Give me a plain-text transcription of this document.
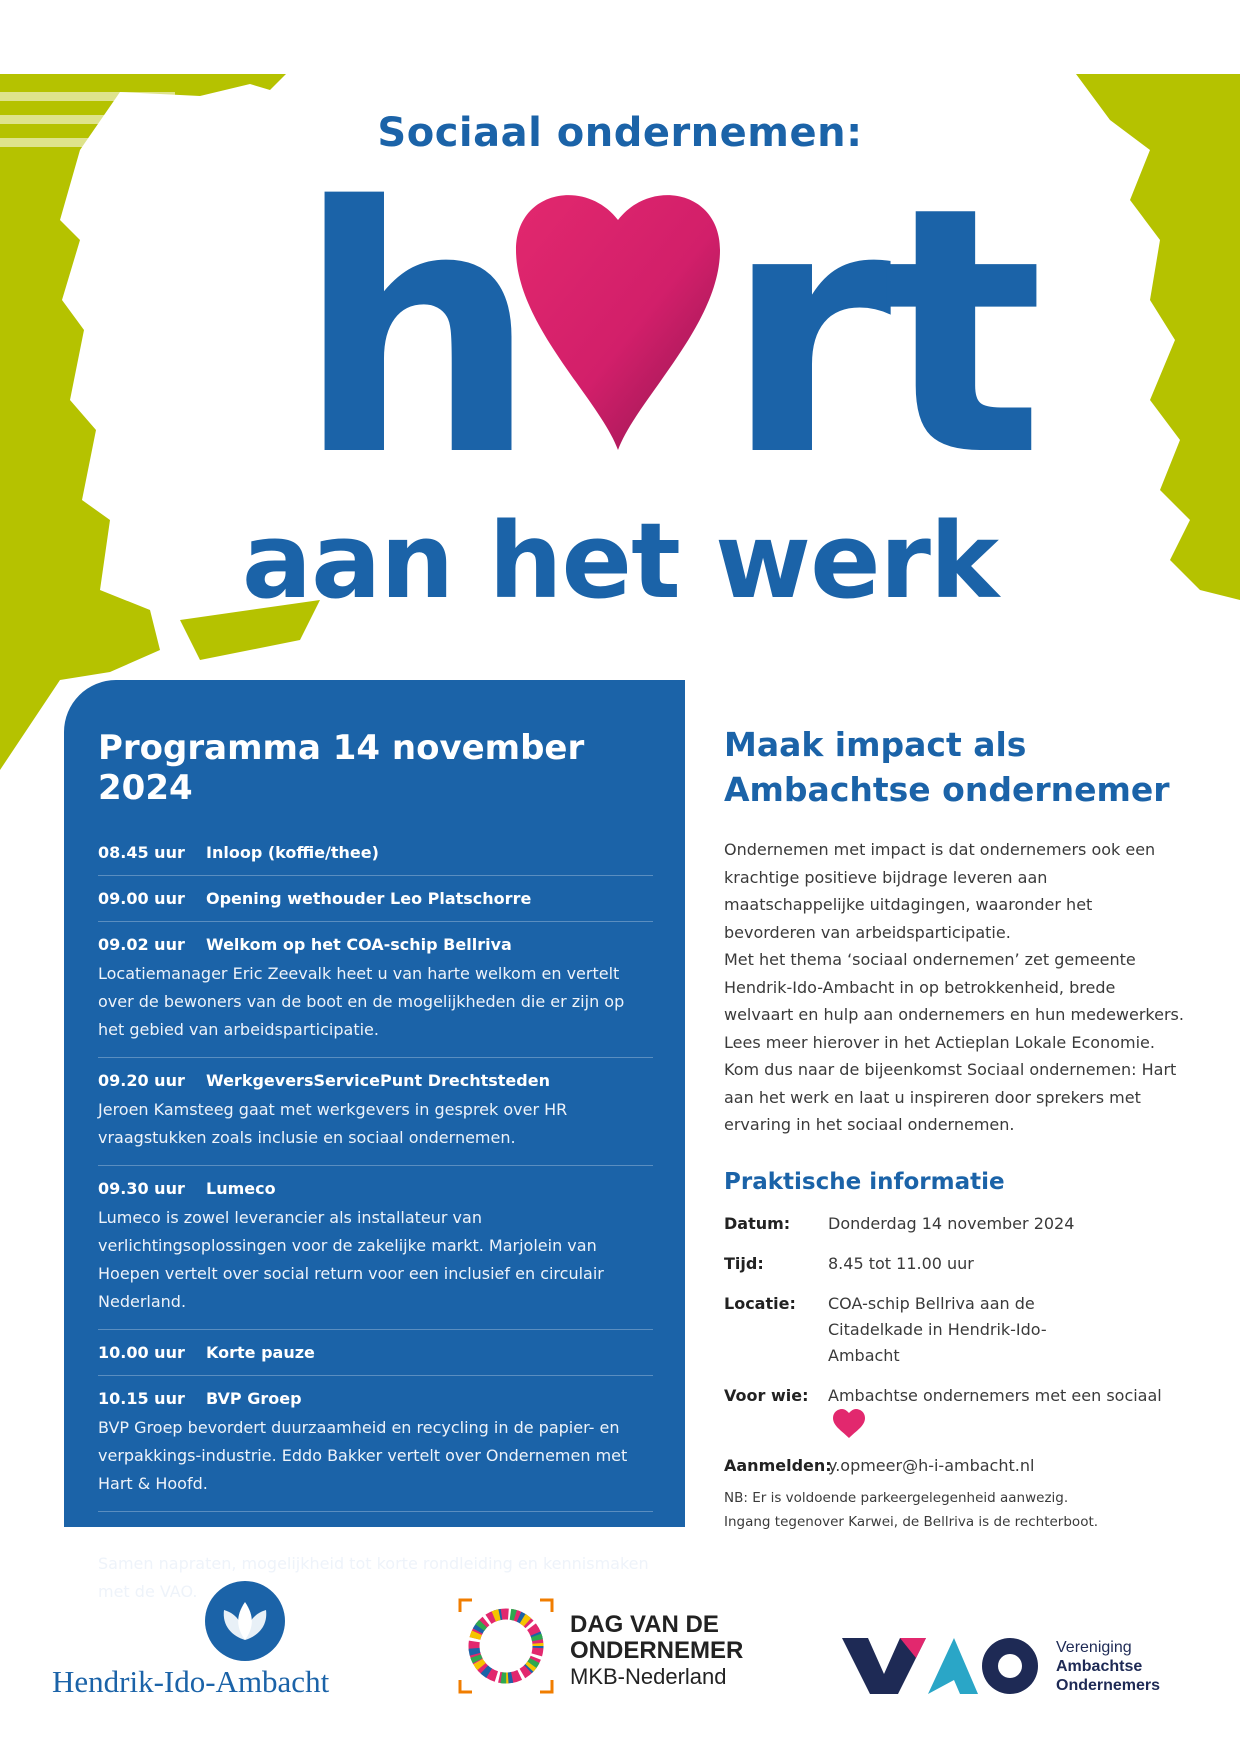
Sociaal ondernemen:
h rt
aan het werk
Programma 14 november 2024
08.45 uur	Inloop (koffie/thee)
09.00 uur	Opening wethouder Leo Platschorre
09.02 uur	Welkom op het COA-schip Bellriva
Locatiemanager Eric Zeevalk heet u van harte welkom en vertelt over de bewoners van de boot en de mogelijkheden die er zijn op het gebied van arbeidsparticipatie.
09.20 uur	WerkgeversServicePunt Drechtsteden
Jeroen Kamsteeg gaat met werkgevers in gesprek over HR vraagstukken zoals inclusie en sociaal ondernemen.
09.30 uur	Lumeco
Lumeco is zowel leverancier als installateur van verlichtingsoplossingen voor de zakelijke markt. Marjolein van Hoepen vertelt over social return voor een inclusief en circulair Nederland.
10.00 uur	Korte pauze
10.15 uur	BVP Groep
BVP Groep bevordert duurzaamheid en recycling in de papier- en verpakkings-industrie. Eddo Bakker vertelt over Ondernemen met Hart & Hoofd.
10.45 uur	Afsluiting
Samen napraten, mogelijkheid tot korte rondleiding en kennismaken met de VAO.
Maak impact als Ambachtse ondernemer

Ondernemen met impact is dat ondernemers ook een krachtige positieve bijdrage leveren aan maatschappelijke uitdagingen, waaronder het bevorderen van arbeidsparticipatie.

Met het thema ‘sociaal ondernemen’ zet gemeente Hendrik-Ido-Ambacht in op betrokkenheid, brede welvaart en hulp aan ondernemers en hun medewerkers. Lees meer hierover in het Actieplan Lokale Economie.

Kom dus naar de bijeenkomst Sociaal ondernemen: Hart aan het werk en laat u inspireren door sprekers met ervaring in het sociaal ondernemen.

Praktische informatie
Datum:	Donderdag 14 november 2024
Tijd:	8.45 tot 11.00 uur
Locatie:	COA-schip Bellriva aan de Citadelkade in Hendrik-Ido-Ambacht
Voor wie:	Ambachtse ondernemers met een sociaal
Aanmelden:
y.opmeer@h-i-ambacht.nl
NB: Er is voldoende parkeergelegenheid aanwezig.
Ingang tegenover Karwei, de Bellriva is de rechterboot.
Hendrik-Ido-Ambacht
DAG VAN DE
ONDERNEMER
MKB-Nederland
Vereniging
Ambachtse
Ondernemers
